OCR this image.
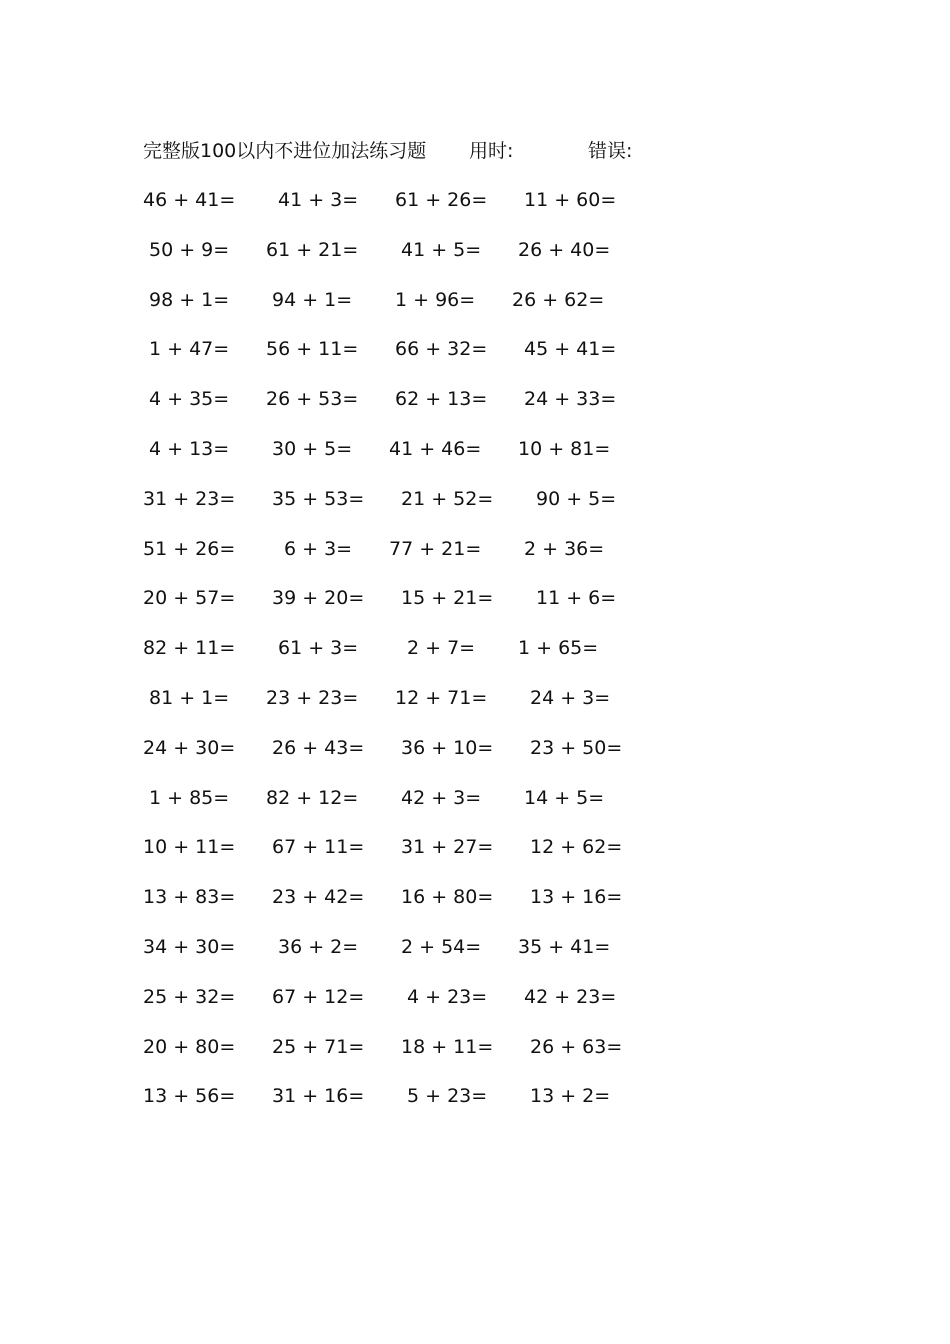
完整版100以内不进位加法练习题 用时:	错误:
46 + 41= 41 + 3= 61 + 26= 11 + 60=
50 + 9= 61 + 21= 41 + 5= 26 + 40=
98 + 1= 94 + 1= 1 + 96= 26 + 62=
1 + 47= 56 + 11= 66 + 32= 45 + 41=
4 + 35= 26 + 53= 62 + 13= 24 + 33=
4 + 13= 30 + 5= 41 + 46= 10 + 81=
31 + 23= 35 + 53= 21 + 52= 90 + 5=
51 + 26=	6 + 3= 77 + 21= 2 + 36=
20 + 57= 39 + 20= 15 + 21= 11 + 6=
82 + 11= 61 + 3=	2 + 7= 1 + 65=
81 + 1= 23 + 23= 12 + 71= 24 + 3=
24 + 30= 26 + 43= 36 + 10= 23 + 50=
1 + 85= 82 + 12= 42 + 3= 14 + 5=
10 + 11= 67 + 11= 31 + 27= 12 + 62=
13 + 83= 23 + 42= 16 + 80= 13 + 16=
34 + 30= 36 + 2= 2 + 54= 35 + 41=
25 + 32= 67 + 12= 4 + 23= 42 + 23=
20 + 80= 25 + 71= 18 + 11= 26 + 63=
13 + 56= 31 + 16= 5 + 23= 13 + 2=
